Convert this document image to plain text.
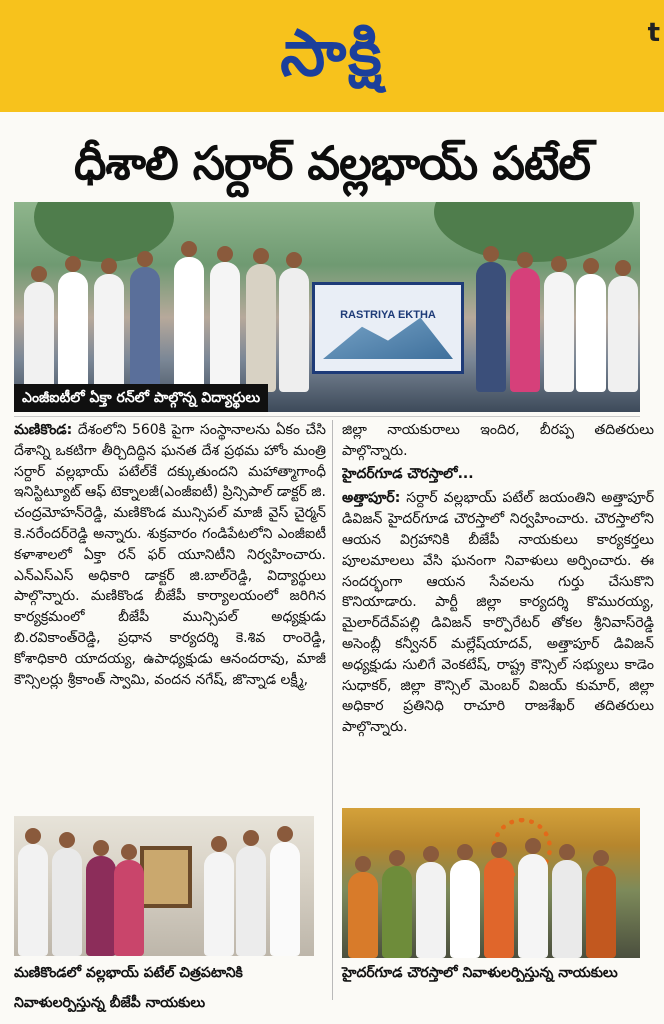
సాక్షి	t
ధీశాలి సర్దార్ వల్లభాయ్ పటేల్
RASTRIYA EKTHA
ఎంజీఐటీలో ఏక్తా రన్‌లో పాల్గొన్న విద్యార్థులు

మణికొండ: దేశంలోని 560కి పైగా సంస్థానాలను ఏకం చేసి దేశాన్ని ఒకటిగా తీర్చిదిద్దిన ఘనత దేశ ప్రథమ హోం మంత్రి సర్దార్ వల్లభాయ్ పటేల్‌కే దక్కుతుందని మహాత్మాగాంధీ ఇనిస్టిట్యూట్ ఆఫ్ టెక్నాలజీ(ఎంజీఐటీ) ప్రిన్సిపాల్ డాక్టర్ జి. చంద్రమోహన్‌రెడ్డి, మణికొండ మున్సిపల్ మాజీ వైస్ చైర్మన్ కె.నరేందర్‌రెడ్డి అన్నారు. శుక్రవారం గండిపేటలోని ఎంజీఐటీ కళాశాలలో ఏక్తా రన్ ఫర్ యూనిటీని నిర్వహించారు. ఎన్‌ఎస్‌ఎస్ అధికారి డాక్టర్ జి.బాల్‌రెడ్డి, విద్యార్థులు పాల్గొన్నారు. మణికొండ బీజేపీ కార్యాలయంలో జరిగిన కార్యక్రమంలో బీజేపీ మున్సిపల్ అధ్యక్షుడు బి.రవికాంత్‌రెడ్డి, ప్రధాన కార్యదర్శి కె.శివ రాంరెడ్డి, కోశాధికారి యాదయ్య, ఉపాధ్యక్షుడు ఆనందరావు, మాజీ కౌన్సిలర్లు శ్రీకాంత్ స్వామి, వందన నగేష్, జొన్నాడ లక్ష్మీ,

జిల్లా నాయకురాలు ఇందిర, బీరప్ప తదితరులు పాల్గొన్నారు.

హైదర్‌గూడ చౌరస్తాలో...

అత్తాపూర్: సర్దార్ వల్లభాయ్ పటేల్ జయంతిని అత్తాపూర్ డివిజన్ హైదర్‌గూడ చౌరస్తాలో నిర్వహించారు. చౌరస్తాలోని ఆయన విగ్రహానికి బీజేపీ నాయకులు కార్యకర్తలు పూలమాలలు వేసి ఘనంగా నివాళులు అర్పించారు. ఈ సందర్భంగా ఆయన సేవలను గుర్తు చేసుకొని కొనియాడారు. పార్టీ జిల్లా కార్యదర్శి కొమురయ్య, మైలార్‌దేవ్‌పల్లి డివిజన్ కార్పొరేటర్ తోకల శ్రీనివాస్‌రెడ్డి అసెంబ్లీ కన్వీనర్ మల్లేష్‌యాదవ్, అత్తాపూర్ డివిజన్ అధ్యక్షుడు సులిగే వెంకటేష్, రాష్ట్ర కౌన్సిల్ సభ్యులు కాడెం సుధాకర్, జిల్లా కౌన్సిల్ మెంబర్ విజయ్ కుమార్, జిల్లా అధికార ప్రతినిధి రాచూరి రాజశేఖర్ తదితరులు పాల్గొన్నారు.

మణికొండలో వల్లభాయ్ పటేల్ చిత్రపటానికి నివాళులర్పిస్తున్న బీజేపీ నాయకులు
హైదర్‌గూడ చౌరస్తాలో నివాళులర్పిస్తున్న నాయకులు
